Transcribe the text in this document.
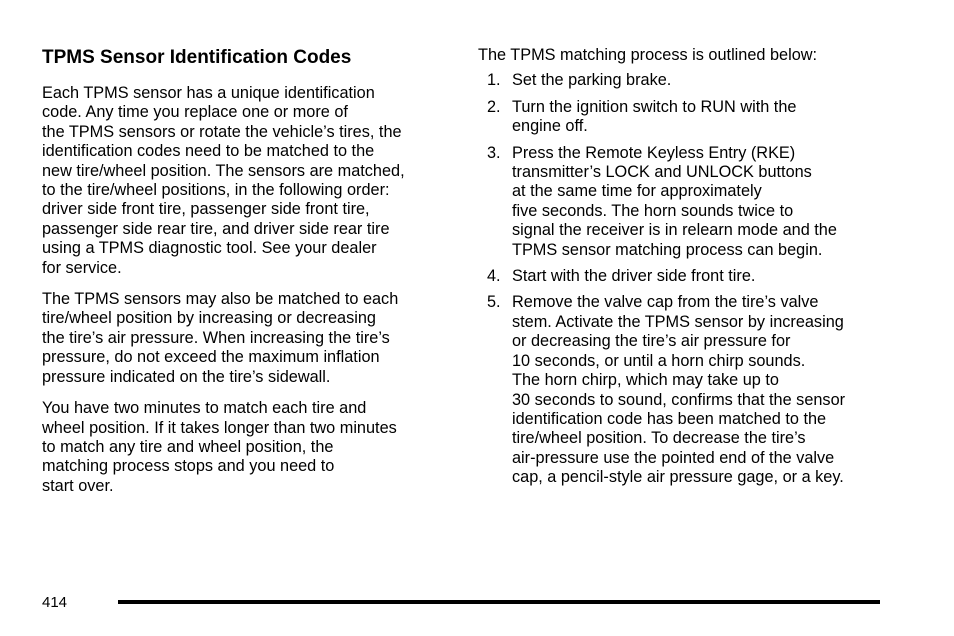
TPMS Sensor Identification Codes

Each TPMS sensor has a unique identification
code. Any time you replace one or more of
the TPMS sensors or rotate the vehicle’s tires, the
identification codes need to be matched to the
new tire/wheel position. The sensors are matched,
to the tire/wheel positions, in the following order:
driver side front tire, passenger side front tire,
passenger side rear tire, and driver side rear tire
using a TPMS diagnostic tool. See your dealer
for service.

The TPMS sensors may also be matched to each
tire/wheel position by increasing or decreasing
the tire’s air pressure. When increasing the tire’s
pressure, do not exceed the maximum inflation
pressure indicated on the tire’s sidewall.

You have two minutes to match each tire and
wheel position. If it takes longer than two minutes
to match any tire and wheel position, the
matching process stops and you need to
start over.

The TPMS matching process is outlined below:
1. Set the parking brake.
2. Turn the ignition switch to RUN with the
engine off.
3. Press the Remote Keyless Entry (RKE)
transmitter’s LOCK and UNLOCK buttons
at the same time for approximately
five seconds. The horn sounds twice to
signal the receiver is in relearn mode and the
TPMS sensor matching process can begin.
4. Start with the driver side front tire.
5. Remove the valve cap from the tire’s valve
stem. Activate the TPMS sensor by increasing
or decreasing the tire’s air pressure for
10 seconds, or until a horn chirp sounds.
The horn chirp, which may take up to
30 seconds to sound, confirms that the sensor
identification code has been matched to the
tire/wheel position. To decrease the tire’s
air-pressure use the pointed end of the valve
cap, a pencil-style air pressure gage, or a key.
414
